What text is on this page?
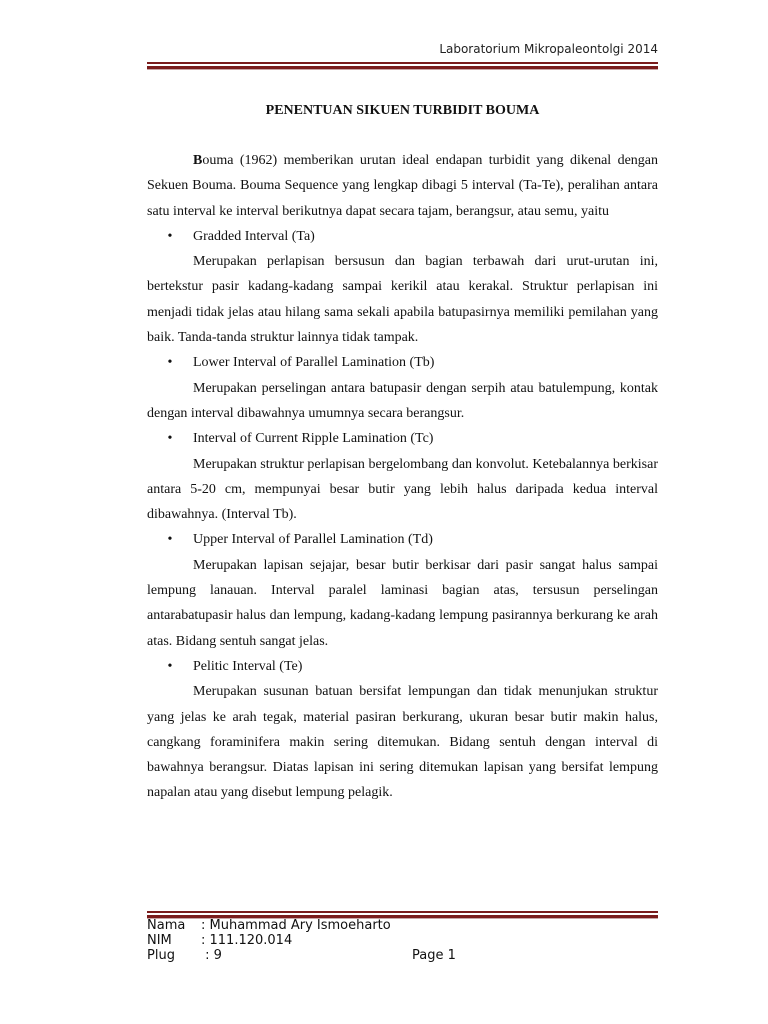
Laboratorium Mikropaleontolgi 2014
PENENTUAN SIKUEN TURBIDIT BOUMA

Bouma (1962) memberikan urutan ideal endapan turbidit yang dikenal dengan Sekuen Bouma. Bouma Sequence yang lengkap dibagi 5 interval (Ta-Te), peralihan antara satu interval ke interval berikutnya dapat secara tajam, berangsur, atau semu, yaitu

•	Gradded Interval (Ta)

Merupakan perlapisan bersusun dan bagian terbawah dari urut-urutan ini, bertekstur pasir kadang-kadang sampai kerikil atau kerakal. Struktur perlapisan ini menjadi tidak jelas atau hilang sama sekali apabila batupasirnya memiliki pemilahan yang baik. Tanda-tanda struktur lainnya tidak tampak.

•	Lower Interval of Parallel Lamination (Tb)

Merupakan perselingan antara batupasir dengan serpih atau batulempung, kontak dengan interval dibawahnya umumnya secara berangsur.

•	Interval of Current Ripple Lamination (Tc)

Merupakan struktur perlapisan bergelombang dan konvolut. Ketebalannya berkisar antara 5-20 cm, mempunyai besar butir yang lebih halus daripada kedua interval dibawahnya. (Interval Tb).

•	Upper Interval of Parallel Lamination (Td)

Merupakan lapisan sejajar, besar butir berkisar dari pasir sangat halus sampai lempung lanauan. Interval paralel laminasi bagian atas, tersusun perselingan antarabatupasir halus dan lempung, kadang-kadang lempung pasirannya berkurang ke arah atas. Bidang sentuh sangat jelas.

•	Pelitic Interval (Te)

Merupakan susunan batuan bersifat lempungan dan tidak menunjukan struktur yang jelas ke arah tegak, material pasiran berkurang, ukuran besar butir makin halus, cangkang foraminifera makin sering ditemukan. Bidang sentuh dengan interval di bawahnya berangsur. Diatas lapisan ini sering ditemukan lapisan yang bersifat lempung napalan atau yang disebut lempung pelagik.

Nama	: Muhammad Ary Ismoeharto
NIM	: 111.120.014
Plug	: 9	Page 1
